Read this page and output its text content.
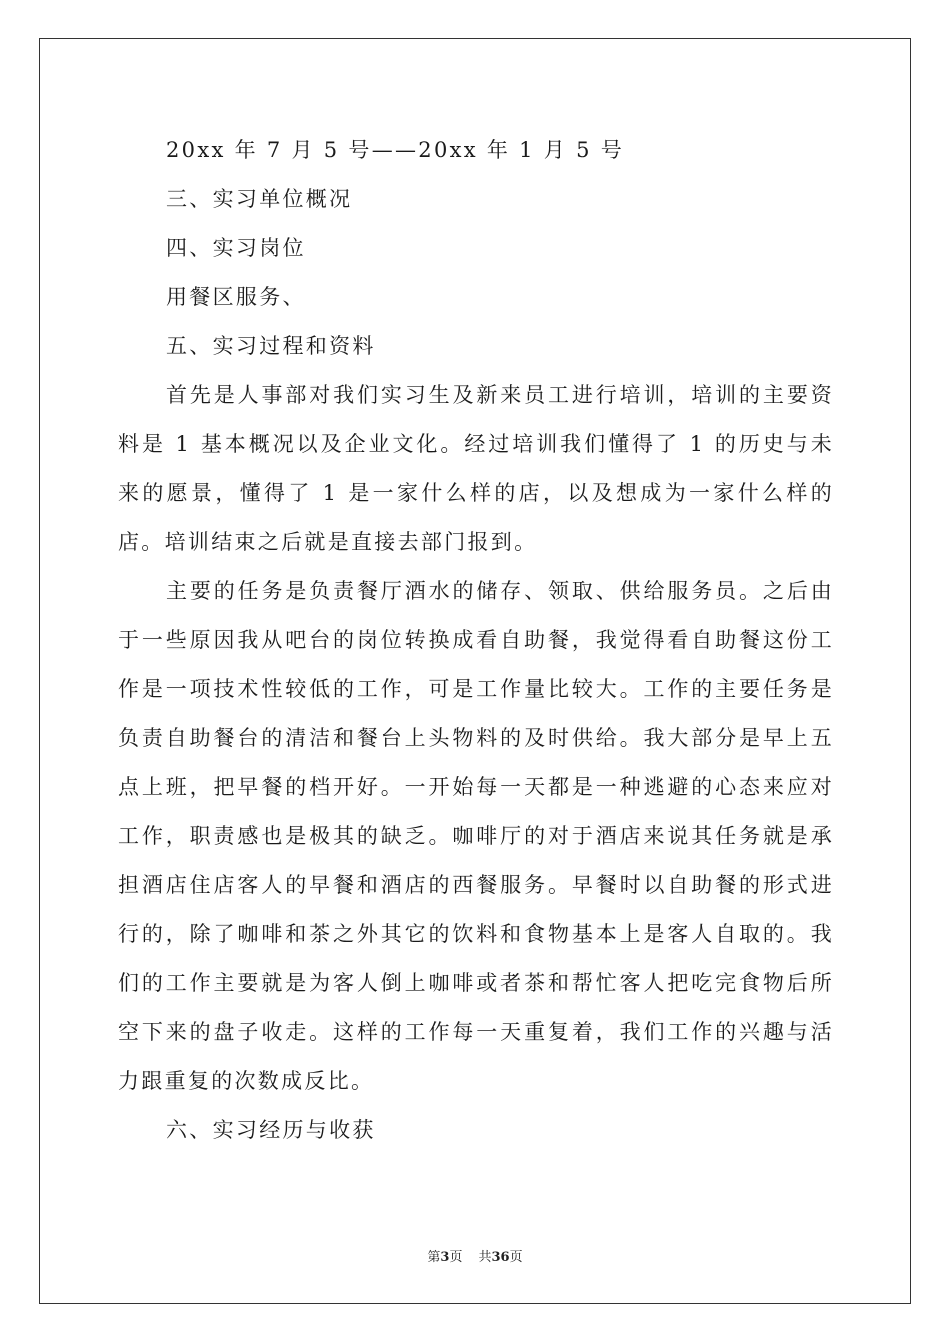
20xx 年 7 月 5 号——20xx 年 1 月 5 号

三、实习单位概况

四、实习岗位

用餐区服务、

五、实习过程和资料

首先是人事部对我们实习生及新来员工进行培训，培训的主要资料是 1 基本概况以及企业文化。经过培训我们懂得了 1 的历史与未来的愿景，懂得了 1 是一家什么样的店，以及想成为一家什么样的店。培训结束之后就是直接去部门报到。

主要的任务是负责餐厅酒水的储存、领取、供给服务员。之后由于一些原因我从吧台的岗位转换成看自助餐，我觉得看自助餐这份工作是一项技术性较低的工作，可是工作量比较大。工作的主要任务是负责自助餐台的清洁和餐台上头物料的及时供给。我大部分是早上五点上班，把早餐的档开好。一开始每一天都是一种逃避的心态来应对工作，职责感也是极其的缺乏。咖啡厅的对于酒店来说其任务就是承担酒店住店客人的早餐和酒店的西餐服务。早餐时以自助餐的形式进行的，除了咖啡和茶之外其它的饮料和食物基本上是客人自取的。我们的工作主要就是为客人倒上咖啡或者茶和帮忙客人把吃完食物后所空下来的盘子收走。这样的工作每一天重复着，我们工作的兴趣与活力跟重复的次数成反比。

六、实习经历与收获

第3页 共36页
